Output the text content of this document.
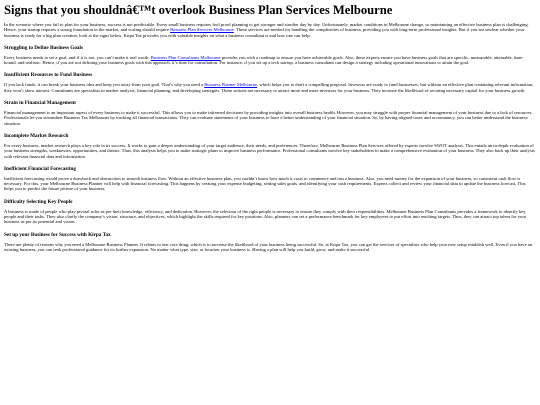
Signs that you shouldnâ€™t overlook Business Plan Services Melbourne

In the scenario where you fail to plan for your business, success is not predictable. Every small business requires fool proof planning to get stronger and sturdier day by day. Unfortunately, market conditions in Melbourne change, so maintaining an effective business plan is challenging. Hence, your startup requires a strong foundation in the market, and scaling should require Business Plan Services Melbourne. These services are needed for handling the complexities of business, providing you with long-term professional insights. But if you are unclear whether your business is ready for a big plan creation, look at the signs below. Kirpa Tax provides you with valuable insights on what a business consultant is and how one can help.

Struggling to Define Business Goals

Every business needs to set a goal, and if it is not, you can’t make it real worth. Business Plan Consultants Melbourne provides you with a roadmap to ensure you have achievable goals. Also, these experts ensure you have business goals that are specific, measurable, attainable, time-bound, and realistic. Hence, if you are not defining your business goals with this approach, it’s time for consultation. For instance, if you set up a tech startup, a business consultant can design a strategy including operational innovations to attain the goal.

Insufficient Resources to Fund Business

If you lack funds, it can break your business idea and keep you away from your goal. That’s why you need a Business Planner Melbourne, which helps you to draft a compelling proposal. Investors are ready to fund businesses, but without an effective plan containing relevant information, they won’t show interest. Consultants are specialists in market analysis, financial planning, and developing strategies. These actions are necessary to attract more and more investors for your business. They increase the likelihood of securing necessary capital for your business growth.

Strain in Financial Management

Financial management is an important aspect of every business to make it successful. This allows you to make informed decisions by providing insights into overall business health. However, you may struggle with proper financial management of your business due to a lack of resources. Professionals let you streamline Business Tax Melbourne by tracking all financial transactions. They can evaluate statements of your business to have a better understanding of your financial situation. So, by having aligned taxes and accountancy, you can better understand the business situation.

Incomplete Market Research

For every business, market research plays a key role in its success. It works to gain a deeper understanding of your target audience, their needs, and preferences. Therefore, Melbourne Business Plan Services offered by experts involve SWOT analysis. This entails an in-depth evaluation of your business strengths, weaknesses, opportunities, and threats. Thus, this analysis helps you to make strategic plans to improve business performance. Professional consultants involve key stakeholders to make a comprehensive evaluation of your business. They also back up their analysis with relevant financial data and information.

Inefficient Financial Forecasting

Inefficient forecasting would prove a drawback and obstruction to smooth business flow. Without an effective business plan, you couldn’t know how much it costs to commence and run a business. Also, you need money for the expansion of your business, so consistent cash flow is necessary. For this, your Melbourne Business Planner will help with financial forecasting. This happens by creating your expense budgeting, setting sales goals, and identifying your cash requirements. Experts collect and review your financial data to update the business forecast. This helps you to predict the future picture of your business.

Difficulty Selecting Key People

A business is made of people who play pivotal roles as per their knowledge, efficiency, and dedication. However, the selection of the right people is necessary to ensure they comply with their responsibilities. Melbourne Business Plan Consultants provides a framework to identify key people and their tasks. They also clarify the company’s vision, structure, and objectives, which highlight the skills required for key positions. Also, planners can set a performance benchmark for key employees to put effort into reaching targets. Thus, they can attract top talent for your business as per its potential and vision.

Set up your Business for Success with Kirpa Tax

There are plenty of reasons why you need a Melbourne Business Planner. It relates to one core thing, which is to increase the likelihood of your business being successful. So, at Kirpa Tax, you can get the services of specialists who help your new setup establish well. Even if you have an existing business, you can seek professional guidance for its further expansion. No matter what type, size, or location your business is. Having a plan will help you build, grow, and make it successful.
